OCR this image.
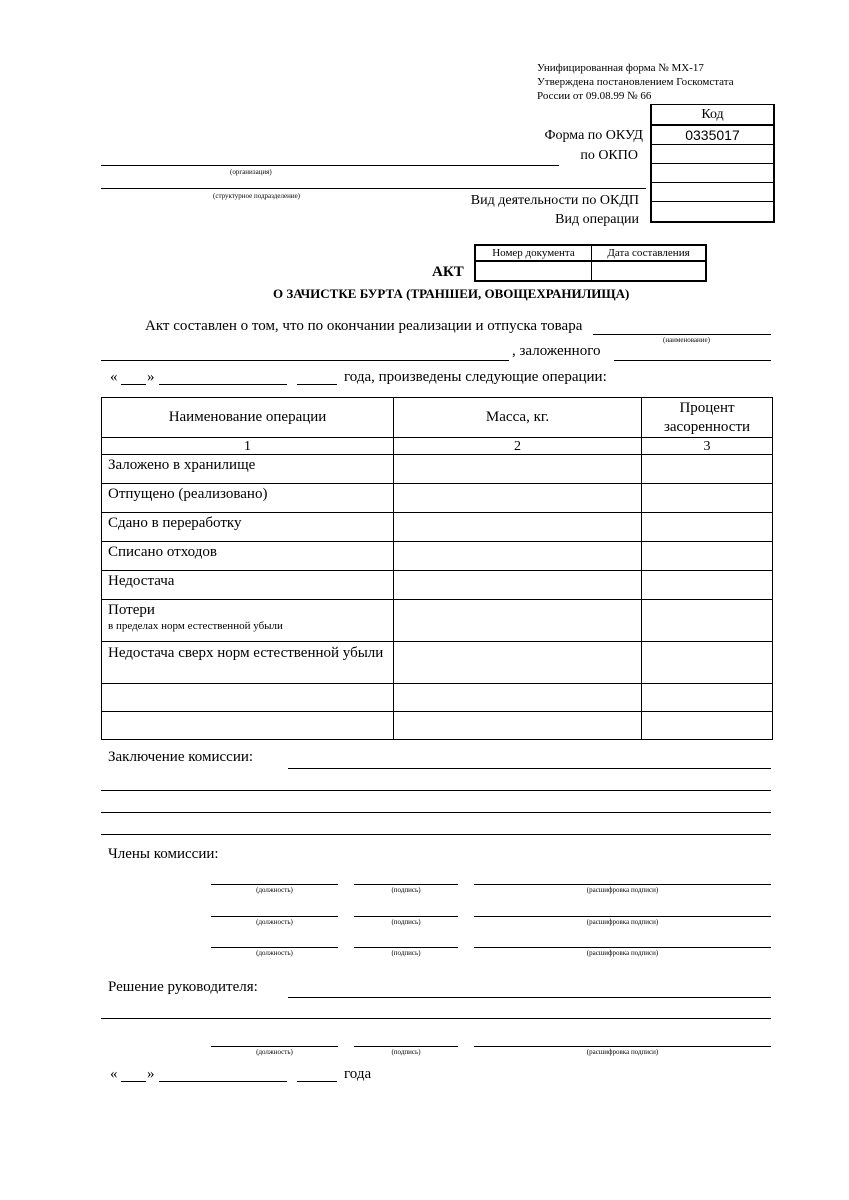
Унифицированная форма № МХ-17
Утверждена постановлением Госкомстата
России от 09.08.99 № 66
Код
0335017
Форма по ОКУД
по ОКПО
Вид деятельности по ОКДП
Вид операции
(организация)
(структурное подразделение)
Номер документа	Дата составления

АКТ
О ЗАЧИСТКЕ БУРТА (ТРАНШЕИ, ОВОЩЕХРАНИЛИЩА)
Акт составлен о том, что по окончании реализации и отпуска товара
(наименование)
, заложенного
« »	года, произведены следующие операции:
Наименование операции	Масса, кг.	Процент засоренности
1	2	3
Заложено в хранилище		
Отпущено (реализовано)		
Сдано в переработку		
Списано отходов		
Недостача		

Потери
в пределах норм естественной убыли		

Недостача сверх норм естественной убыли		

Заключение комиссии:
Члены комиссии:
(должность)	(подпись)	(расшифровка подписи)
(должность)	(подпись)	(расшифровка подписи)
(должность)	(подпись)	(расшифровка подписи)
Решение руководителя:
(должность)	(подпись)	(расшифровка подписи)
« »	года
